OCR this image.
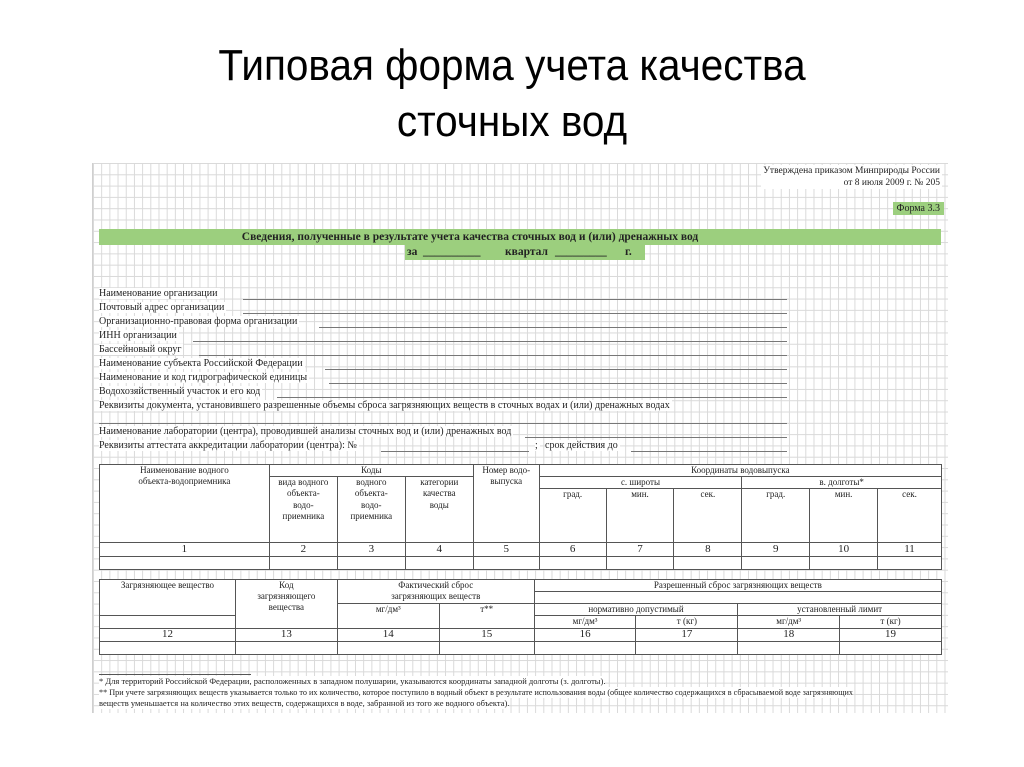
Типовая форма учета качества
сточных вод
Утверждена приказом Минприроды России
от 8 июля 2009 г. № 205
Форма 3.3
Сведения, полученные в результате учета качества сточных вод и (или) дренажных вод
за __________ квартал _________ г.
Наименование организации
Почтовый адрес организации
Организационно-правовая форма организации
ИНН организации
Бассейновый округ
Наименование субъекта Российской Федерации
Наименование и код гидрографической единицы
Водохозяйственный участок и его код
Реквизиты документа, установившего разрешенные объемы сброса загрязняющих веществ в сточных водах и (или) дренажных водах
Наименование лаборатории (центра), проводившей анализы сточных вод и (или) дренажных вод
Реквизиты аттестата аккредитации лаборатории (центра): №	; срок действия до
Наименование водного объекта-водоприемника	Коды			Номер водо-выпуска	Координаты водовыпуска					
	вида водного объекта-водо-приемника	водного объекта-водо-приемника	категории качества воды		с. широты			в. долготы*		
					град.	мин.	сек.	град.	мин.	сек.
1	2	3	4	5	6	7	8	9	10	11

Загрязняющее вещество	Код загрязняющего вещества	Фактический сброс загрязняющих веществ		Разрешенный сброс загрязняющих веществ			

		мг/дм³	т**	нормативно допустимый		установленный лимит	
				мг/дм³	т (кг)	мг/дм³	т (кг)
12	13	14	15	16	17	18	19

* Для территорий Российской Федерации, расположенных в западном полушарии, указываются координаты западной долготы (з. долготы).
** При учете загрязняющих веществ указывается только то их количество, которое поступило в водный объект в результате использования воды (общее количество содержащихся в сбрасываемой воде загрязняющих
веществ уменьшается на количество этих веществ, содержащихся в воде, забранной из того же водного объекта).
